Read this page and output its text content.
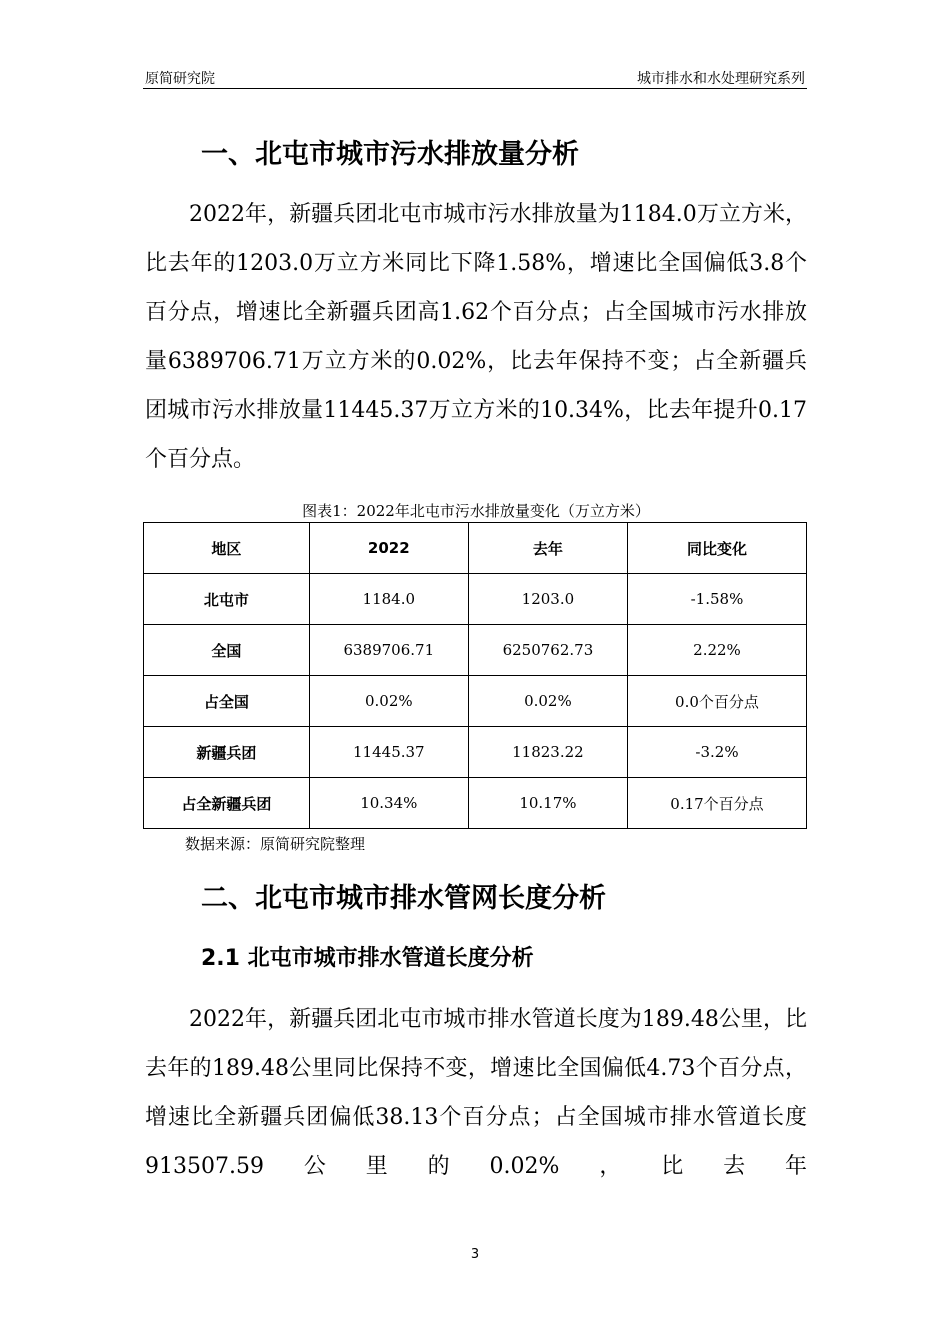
原简研究院	城市排水和水处理研究系列
一、北屯市城市污水排放量分析

2022年，新疆兵团北屯市城市污水排放量为1184.0万立方米，比去年的1203.0万立方米同比下降1.58%，增速比全国偏低3.8个百分点，增速比全新疆兵团高1.62个百分点；占全国城市污水排放量6389706.71万立方米的0.02%，比去年保持不变；占全新疆兵团城市污水排放量11445.37万立方米的10.34%，比去年提升0.17个百分点。

图表1：2022年北屯市污水排放量变化（万立方米）
地区	2022	去年	同比变化
北屯市	1184.0	1203.0	-1.58%
全国	6389706.71	6250762.73	2.22%
占全国	0.02%	0.02%	0.0个百分点
新疆兵团	11445.37	11823.22	-3.2%
占全新疆兵团	10.34%	10.17%	0.17个百分点
数据来源：原简研究院整理
二、北屯市城市排水管网长度分析
2.1 北屯市城市排水管道长度分析

2022年，新疆兵团北屯市城市排水管道长度为189.48公里，比去年的189.48公里同比保持不变，增速比全国偏低4.73个百分点，增速比全新疆兵团偏低38.13个百分点；占全国城市排水管道长度913507.59公里的0.02%，比去年

3
